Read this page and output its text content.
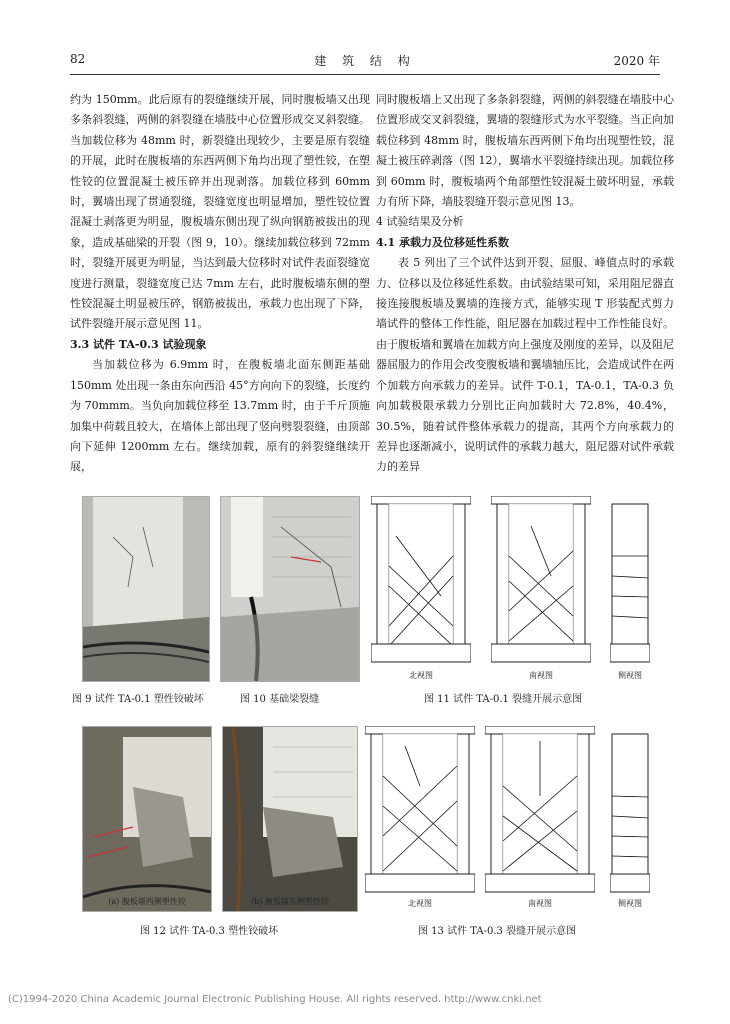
82	建 筑 结 构	2020 年

约为 150mm。此后原有的裂缝继续开展，同时腹板墙又出现多条斜裂缝，两侧的斜裂缝在墙肢中心位置形成交叉斜裂缝。当加载位移为 48mm 时，新裂缝出现较少，主要是原有裂缝的开展，此时在腹板墙的东西两侧下角均出现了塑性铰，在塑性铰的位置混凝土被压碎并出现剥落。加载位移到 60mm 时，翼墙出现了贯通裂缝，裂缝宽度也明显增加，塑性铰位置混凝土剥落更为明显，腹板墙东侧出现了纵向钢筋被拔出的现象，造成基础梁的开裂（图 9，10）。继续加载位移到 72mm 时，裂缝开展更为明显，当达到最大位移时对试件表面裂缝宽度进行测量，裂缝宽度已达 7mm 左右，此时腹板墙东侧的塑性铰混凝土明显被压碎，钢筋被拔出，承载力也出现了下降，试件裂缝开展示意见图 11。

3.3 试件 TA-0.3 试验现象

当加载位移为 6.9mm 时，在腹板墙北面东侧距基础 150mm 处出现一条由东向西沿 45°方向向下的裂缝，长度约为 70mmm。当负向加载位移至 13.7mm 时，由于千斤顶施加集中荷载且较大，在墙体上部出现了竖向劈裂裂缝，由顶部向下延伸 1200mm 左右。继续加载，原有的斜裂缝继续开展，

同时腹板墙上又出现了多条斜裂缝，两侧的斜裂缝在墙肢中心位置形成交叉斜裂缝，翼墙的裂缝形式为水平裂缝。当正向加载位移到 48mm 时，腹板墙东西两侧下角均出现塑性铰，混凝土被压碎剥落（图 12），翼墙水平裂缝持续出现。加载位移到 60mm 时，腹板墙两个角部塑性铰混凝土破坏明显，承载力有所下降，墙肢裂缝开裂示意见图 13。

4 试验结果及分析
4.1 承载力及位移延性系数

表 5 列出了三个试件达到开裂、屈服、峰值点时的承载力、位移以及位移延性系数。由试验结果可知，采用阻尼器直接连接腹板墙及翼墙的连接方式，能够实现 T 形装配式剪力墙试件的整体工作性能，阻尼器在加载过程中工作性能良好。由于腹板墙和翼墙在加载方向上强度及刚度的差异，以及阻尼器屈服力的作用会改变腹板墙和翼墙轴压比，会造成试件在两个加载方向承载力的差异。试件 T-0.1，TA-0.1，TA-0.3 负向加载极限承载力分别比正向加载时大 72.8%，40.4%，30.5%，随着试件整体承载力的提高，其两个方向承载力的差异也逐渐减小，说明试件的承载力越大，阻尼器对试件承载力的差异

北视图	南视图	侧视图
图 9 试件 TA-0.1 塑性铰破坏	图 10 基础梁裂缝	图 11 试件 TA-0.1 裂缝开展示意图
(a) 腹板墙西侧塑性铰	(b) 腹板墙东侧塑性铰	北视图	南视图	侧视图
图 12 试件 TA-0.3 塑性铰破坏	图 13 试件 TA-0.3 裂缝开展示意图
(C)1994-2020 China Academic Journal Electronic Publishing House. All rights reserved. http://www.cnki.net
